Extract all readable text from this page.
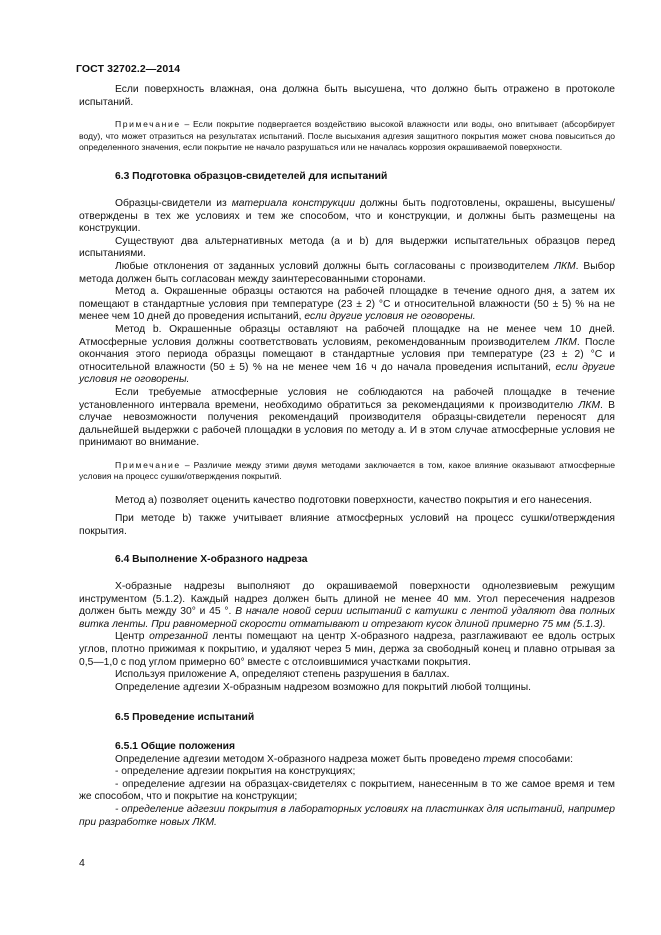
ГОСТ 32702.2—2014

Если поверхность влажная, она должна быть высушена, что должно быть отражено в протоколе испытаний.

Примечание – Если покрытие подвергается воздействию высокой влажности или воды, оно впитывает (абсорбирует воду), что может отразиться на результатах испытаний. После высыхания адгезия защитного покрытия может снова повыситься до определенного значения, если покрытие не начало разрушаться или не началась коррозия окрашиваемой поверхности.

6.3 Подготовка образцов-свидетелей для испытаний

Образцы-свидетели из материала конструкции должны быть подготовлены, окрашены, высушены/отверждены в тех же условиях и тем же способом, что и конструкции, и должны быть размещены на конструкции.

Существуют два альтернативных метода (а и b) для выдержки испытательных образцов перед испытаниями.

Любые отклонения от заданных условий должны быть согласованы с производителем ЛКМ. Выбор метода должен быть согласован между заинтересованными сторонами.

Метод а. Окрашенные образцы остаются на рабочей площадке в течение одного дня, а затем их помещают в стандартные условия при температуре (23 ± 2) °C и относительной влажности (50 ± 5) % на не менее чем 10 дней до проведения испытаний, если другие условия не оговорены.

Метод b. Окрашенные образцы оставляют на рабочей площадке на не менее чем 10 дней. Атмосферные условия должны соответствовать условиям, рекомендованным производителем ЛКМ. После окончания этого периода образцы помещают в стандартные условия при температуре (23 ± 2) °C и относительной влажности (50 ± 5) % на не менее чем 16 ч до начала проведения испытаний, если другие условия не оговорены.

Если требуемые атмосферные условия не соблюдаются на рабочей площадке в течение установленного интервала времени, необходимо обратиться за рекомендациями к производителю ЛКМ. В случае невозможности получения рекомендаций производителя образцы-свидетели переносят для дальнейшей выдержки с рабочей площадки в условия по методу а. И в этом случае атмосферные условия не принимают во внимание.

Примечание – Различие между этими двумя методами заключается в том, какое влияние оказывают атмосферные условия на процесс сушки/отверждения покрытий.

Метод а) позволяет оценить качество подготовки поверхности, качество покрытия и его нанесения.

При методе b) также учитывает влияние атмосферных условий на процесс сушки/отверждения покрытия.

6.4 Выполнение Х-образного надреза

Х-образные надрезы выполняют до окрашиваемой поверхности однолезвиевым режущим инструментом (5.1.2). Каждый надрез должен быть длиной не менее 40 мм. Угол пересечения надрезов должен быть между 30° и 45 °. В начале новой серии испытаний с катушки с лентой удаляют два полных витка ленты. При равномерной скорости отматывают и отрезают кусок длиной примерно 75 мм (5.1.3).

Центр отрезанной ленты помещают на центр Х-образного надреза, разглаживают ее вдоль острых углов, плотно прижимая к покрытию, и удаляют через 5 мин, держа за свободный конец и плавно отрывая за 0,5—1,0 с под углом примерно 60° вместе с отслоившимися участками покрытия.

Используя приложение А, определяют степень разрушения в баллах.

Определение адгезии Х-образным надрезом возможно для покрытий любой толщины.

6.5 Проведение испытаний

6.5.1 Общие положения

Определение адгезии методом Х-образного надреза может быть проведено тремя способами:

- определение адгезии покрытия на конструкциях;

- определение адгезии на образцах-свидетелях с покрытием, нанесенным в то же самое время и тем же способом, что и покрытие на конструкции;

- определение адгезии покрытия в лабораторных условиях на пластинках для испытаний, например при разработке новых ЛКМ.

4
